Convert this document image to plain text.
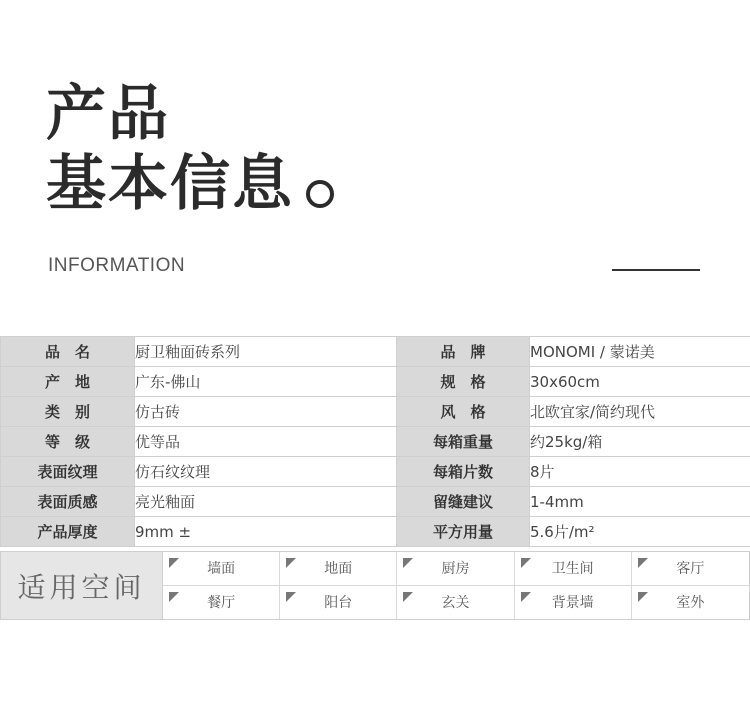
产品
基本信息
INFORMATION
品　名	厨卫釉面砖系列	品　牌	MONOMI / 蒙诺美
产　地	广东-佛山	规　格	30x60cm
类　别	仿古砖	风　格	北欧宜家/简约现代
等　级	优等品	每箱重量	约25kg/箱
表面纹理	仿石纹纹理	每箱片数	8片
表面质感	亮光釉面	留缝建议	1-4mm
产品厚度	9mm ±	平方用量	5.6片/m²
适用空间
墙面	地面	厨房	卫生间	客厅
餐厅	阳台	玄关	背景墙	室外
